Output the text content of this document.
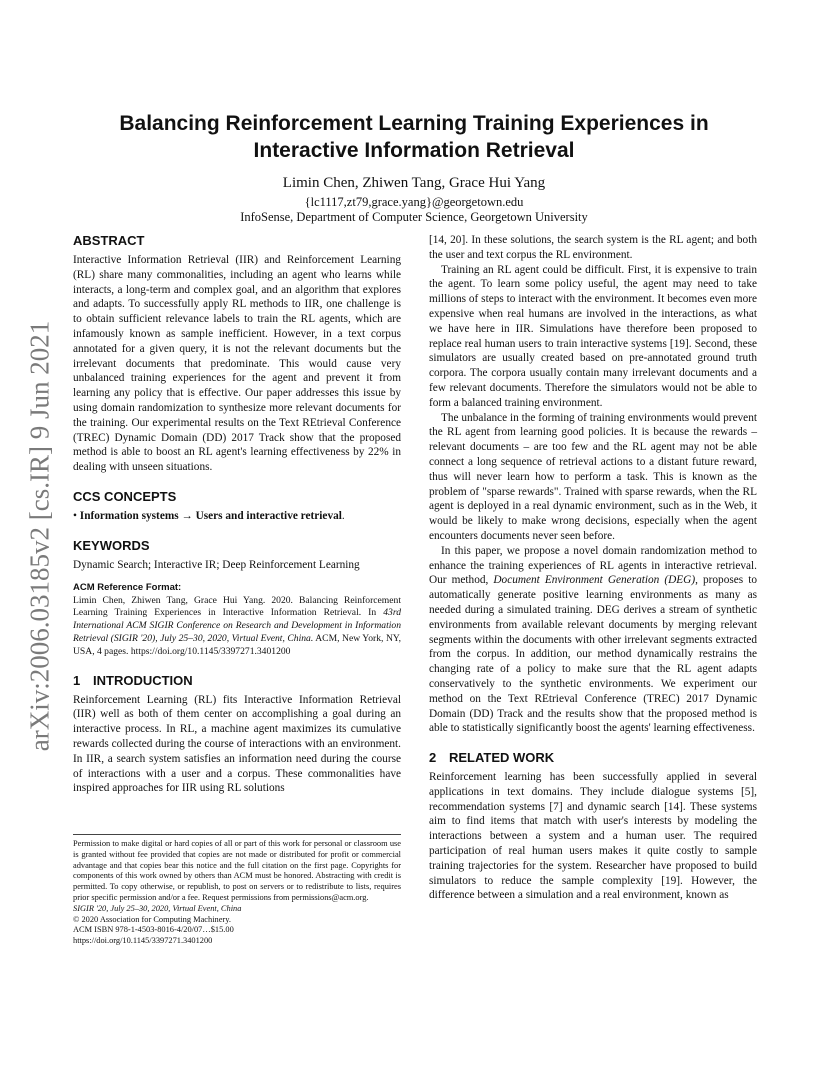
arXiv:2006.03185v2 [cs.IR] 9 Jun 2021
Balancing Reinforcement Learning Training Experiences in Interactive Information Retrieval
Limin Chen, Zhiwen Tang, Grace Hui Yang
{lc1117,zt79,grace.yang}@georgetown.edu
InfoSense, Department of Computer Science, Georgetown University
ABSTRACT

Interactive Information Retrieval (IIR) and Reinforcement Learning (RL) share many commonalities, including an agent who learns while interacts, a long-term and complex goal, and an algorithm that explores and adapts. To successfully apply RL methods to IIR, one challenge is to obtain sufficient relevance labels to train the RL agents, which are infamously known as sample inefficient. However, in a text corpus annotated for a given query, it is not the relevant documents but the irrelevant documents that predominate. This would cause very unbalanced training experiences for the agent and prevent it from learning any policy that is effective. Our paper addresses this issue by using domain randomization to synthesize more relevant documents for the training. Our experimental results on the Text REtrieval Conference (TREC) Dynamic Domain (DD) 2017 Track show that the proposed method is able to boost an RL agent's learning effectiveness by 22% in dealing with unseen situations.

CCS CONCEPTS

• Information systems → Users and interactive retrieval.

KEYWORDS

Dynamic Search; Interactive IR; Deep Reinforcement Learning

ACM Reference Format:
Limin Chen, Zhiwen Tang, Grace Hui Yang. 2020. Balancing Reinforcement Learning Training Experiences in Interactive Information Retrieval. In 43rd International ACM SIGIR Conference on Research and Development in Information Retrieval (SIGIR '20), July 25–30, 2020, Virtual Event, China. ACM, New York, NY, USA, 4 pages. https://doi.org/10.1145/3397271.3401200
1 INTRODUCTION

Reinforcement Learning (RL) fits Interactive Information Retrieval (IIR) well as both of them center on accomplishing a goal during an interactive process. In RL, a machine agent maximizes its cumulative rewards collected during the course of interactions with an environment. In IIR, a search system satisfies an information need during the course of interactions with a user and a corpus. These commonalities have inspired approaches for IIR using RL solutions

Permission to make digital or hard copies of all or part of this work for personal or classroom use is granted without fee provided that copies are not made or distributed for profit or commercial advantage and that copies bear this notice and the full citation on the first page. Copyrights for components of this work owned by others than ACM must be honored. Abstracting with credit is permitted. To copy otherwise, or republish, to post on servers or to redistribute to lists, requires prior specific permission and/or a fee. Request permissions from permissions@acm.org.

SIGIR '20, July 25–30, 2020, Virtual Event, China

© 2020 Association for Computing Machinery.

ACM ISBN 978-1-4503-8016-4/20/07…$15.00

https://doi.org/10.1145/3397271.3401200

[14, 20]. In these solutions, the search system is the RL agent; and both the user and text corpus the RL environment.

Training an RL agent could be difficult. First, it is expensive to train the agent. To learn some policy useful, the agent may need to take millions of steps to interact with the environment. It becomes even more expensive when real humans are involved in the interactions, as what we have here in IIR. Simulations have therefore been proposed to replace real human users to train interactive systems [19]. Second, these simulators are usually created based on pre-annotated ground truth corpora. The corpora usually contain many irrelevant documents and a few relevant documents. Therefore the simulators would not be able to form a balanced training environment.

The unbalance in the forming of training environments would prevent the RL agent from learning good policies. It is because the rewards – relevant documents – are too few and the RL agent may not be able connect a long sequence of retrieval actions to a distant future reward, thus will never learn how to perform a task. This is known as the problem of "sparse rewards". Trained with sparse rewards, when the RL agent is deployed in a real dynamic environment, such as in the Web, it would be likely to make wrong decisions, especially when the agent encounters documents never seen before.

In this paper, we propose a novel domain randomization method to enhance the training experiences of RL agents in interactive retrieval. Our method, Document Environment Generation (DEG), proposes to automatically generate positive learning environments as many as needed during a simulated training. DEG derives a stream of synthetic environments from available relevant documents by merging relevant segments within the documents with other irrelevant segments extracted from the corpus. In addition, our method dynamically restrains the changing rate of a policy to make sure that the RL agent adapts conservatively to the synthetic environments. We experiment our method on the Text REtrieval Conference (TREC) 2017 Dynamic Domain (DD) Track and the results show that the proposed method is able to statistically significantly boost the agents' learning effectiveness.

2 RELATED WORK

Reinforcement learning has been successfully applied in several applications in text domains. They include dialogue systems [5], recommendation systems [7] and dynamic search [14]. These systems aim to find items that match with user's interests by modeling the interactions between a system and a human user. The required participation of real human users makes it quite costly to sample training trajectories for the system. Researcher have proposed to build simulators to reduce the sample complexity [19]. However, the difference between a simulation and a real environment, known as
